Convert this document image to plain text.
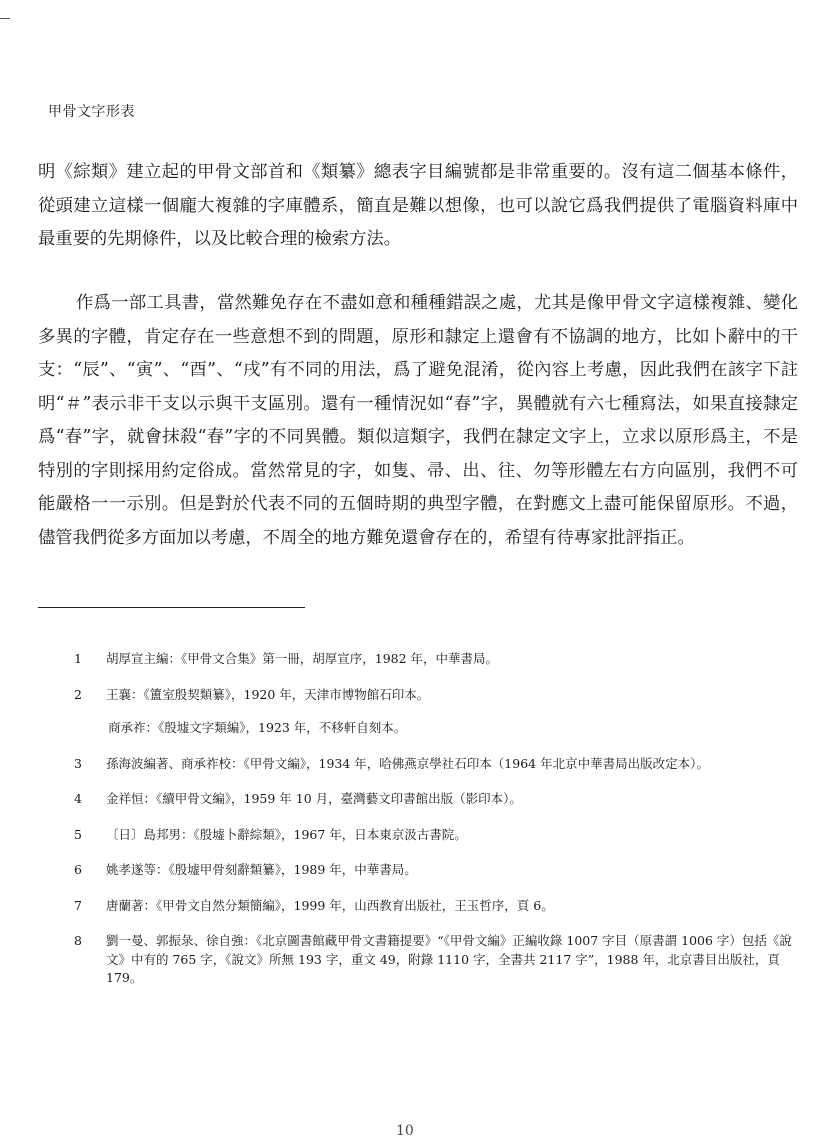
甲骨文字形表

明《綜類》建立起的甲骨文部首和《類纂》總表字目編號都是非常重要的。沒有這二個基本條件，從頭建立這樣一個龐大複雜的字庫體系，簡直是難以想像，也可以說它爲我們提供了電腦資料庫中最重要的先期條件，以及比較合理的檢索方法。

作爲一部工具書，當然難免存在不盡如意和種種錯誤之處，尤其是像甲骨文字這樣複雜、變化多異的字體，肯定存在一些意想不到的問題，原形和隸定上還會有不協調的地方，比如卜辭中的干支：“辰”、“寅”、“酉”、“戌”有不同的用法，爲了避免混淆，從內容上考慮，因此我們在該字下註明“＃”表示非干支以示與干支區別。還有一種情況如“春”字，異體就有六七種寫法，如果直接隸定爲“春”字，就會抹殺“春”字的不同異體。類似這類字，我們在隸定文字上，立求以原形爲主，不是特別的字則採用約定俗成。當然常見的字，如隻、帚、出、往、勿等形體左右方向區別，我們不可能嚴格一一示別。但是對於代表不同的五個時期的典型字體，在對應文上盡可能保留原形。不過，儘管我們從多方面加以考慮，不周全的地方難免還會存在的，希望有待專家批評指正。

1 胡厚宣主編：《甲骨文合集》第一冊，胡厚宣序，1982 年，中華書局。
2 王襄：《簠室殷契類纂》，1920 年，天津市博物館石印本。
商承祚：《殷墟文字類編》，1923 年，不移軒自刻本。
3 孫海波編著、商承祚校：《甲骨文編》，1934 年，哈佛燕京學社石印本（1964 年北京中華書局出版改定本）。
4 金祥恒：《續甲骨文編》，1959 年 10 月，臺灣藝文印書館出版（影印本）。
5 〔日〕島邦男：《殷墟卜辭綜類》，1967 年，日本東京汲古書院。
6 姚孝遂等：《殷墟甲骨刻辭類纂》，1989 年，中華書局。
7 唐蘭著：《甲骨文自然分類簡編》，1999 年，山西教育出版社，王玉哲序，頁 6。
8 劉一曼、郭振彔、徐自強：《北京圖書館藏甲骨文書籍提要》“《甲骨文編》正編收錄 1007 字目（原書謂 1006 字）包括《說文》中有的 765 字，《說文》所無 193 字，重文 49，附錄 1110 字，全書共 2117 字”，1988 年，北京書目出版社，頁 179。
10
